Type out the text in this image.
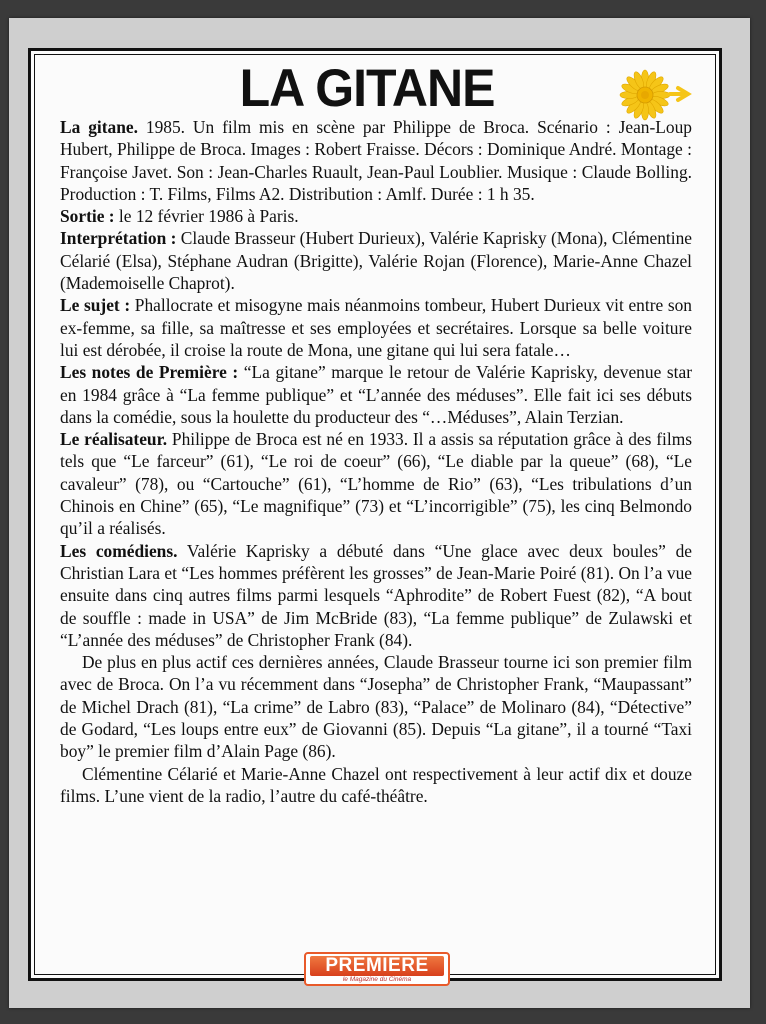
LA GITANE

La gitane. 1985. Un film mis en scène par Philippe de Broca. Scénario : Jean-Loup Hubert, Philippe de Broca. Images : Robert Fraisse. Décors : Dominique André. Montage : Françoise Javet. Son : Jean-Charles Ruault, Jean-Paul Loublier. Musique : Claude Bolling. Production : T. Films, Films A2. Distribution : Amlf. Durée : 1 h 35.

Sortie : le 12 février 1986 à Paris.

Interprétation : Claude Brasseur (Hubert Durieux), Valérie Kaprisky (Mona), Clémentine Célarié (Elsa), Stéphane Audran (Brigitte), Valérie Rojan (Florence), Marie-Anne Chazel (Mademoiselle Chaprot).

Le sujet : Phallocrate et misogyne mais néanmoins tombeur, Hubert Durieux vit entre son ex-femme, sa fille, sa maîtresse et ses employées et secrétaires. Lorsque sa belle voiture lui est dérobée, il croise la route de Mona, une gitane qui lui sera fatale…

Les notes de Première : “La gitane” marque le retour de Valérie Kaprisky, devenue star en 1984 grâce à “La femme publique” et “L’année des méduses”. Elle fait ici ses débuts dans la comédie, sous la houlette du producteur des “…Méduses”, Alain Terzian.

Le réalisateur. Philippe de Broca est né en 1933. Il a assis sa réputation grâce à des films tels que “Le farceur” (61), “Le roi de coeur” (66), “Le diable par la queue” (68), “Le cavaleur” (78), ou “Cartouche” (61), “L’homme de Rio” (63), “Les tribulations d’un Chinois en Chine” (65), “Le magnifique” (73) et “L’incorrigible” (75), les cinq Belmondo qu’il a réalisés.

Les comédiens. Valérie Kaprisky a débuté dans “Une glace avec deux boules” de Christian Lara et “Les hommes préfèrent les grosses” de Jean-Marie Poiré (81). On l’a vue ensuite dans cinq autres films parmi lesquels “Aphrodite” de Robert Fuest (82), “A bout de souffle : made in USA” de Jim McBride (83), “La femme publique” de Zulawski et “L’année des méduses” de Christopher Frank (84).

De plus en plus actif ces dernières années, Claude Brasseur tourne ici son premier film avec de Broca. On l’a vu récemment dans “Josepha” de Christopher Frank, “Maupassant” de Michel Drach (81), “La crime” de Labro (83), “Palace” de Molinaro (84), “Détective” de Godard, “Les loups entre eux” de Giovanni (85). Depuis “La gitane”, il a tourné “Taxi boy” le premier film d’Alain Page (86).

Clémentine Célarié et Marie-Anne Chazel ont respectivement à leur actif dix et douze films. L’une vient de la radio, l’autre du café-théâtre.

PREMIERE
le Magazine du Cinéma
